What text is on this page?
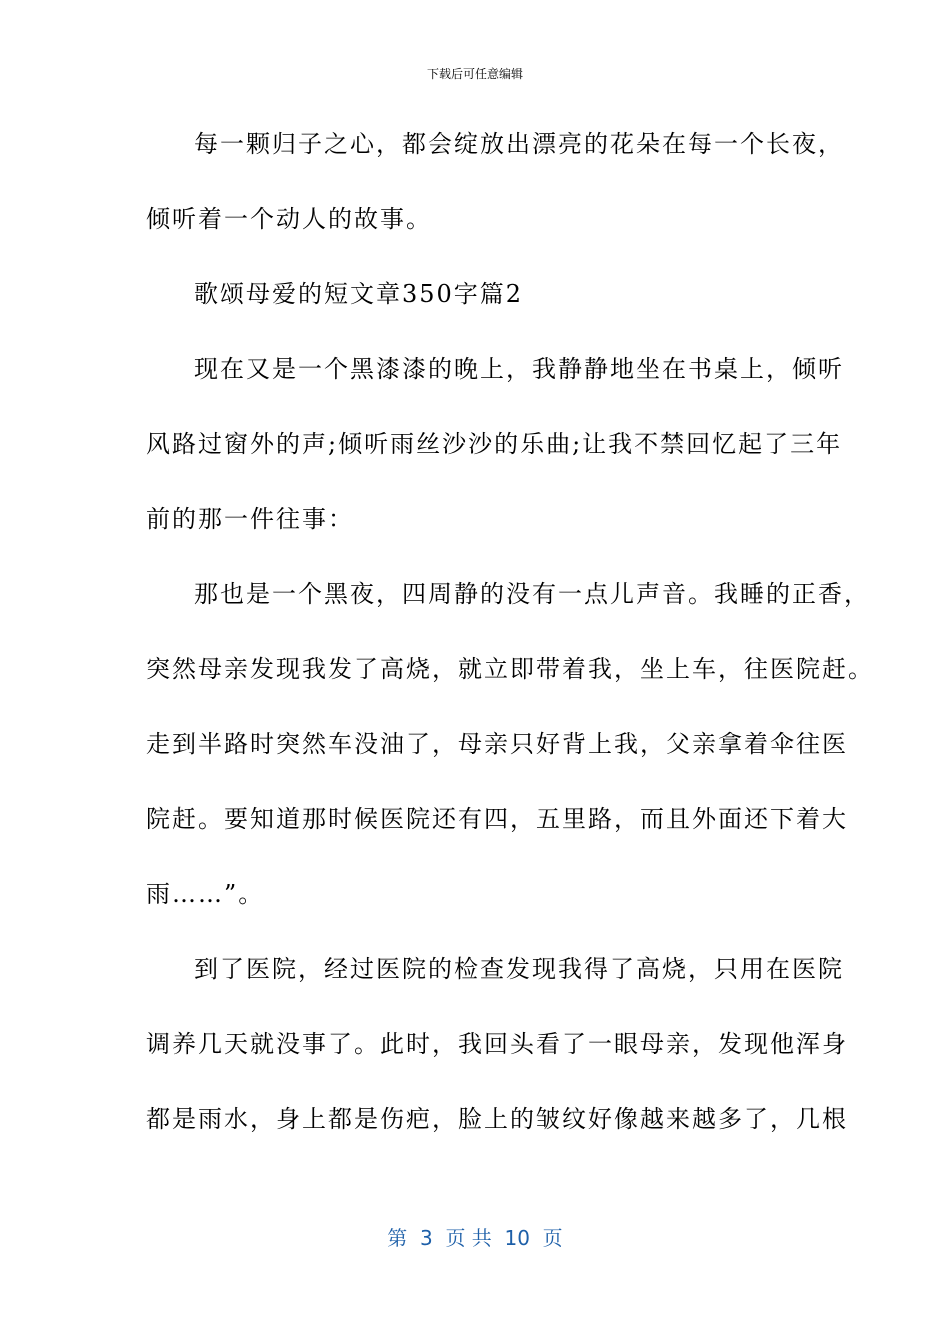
下载后可任意编辑
每一颗归子之心，都会绽放出漂亮的花朵在每一个长夜，
倾听着一个动人的故事。
歌颂母爱的短文章350字篇2
现在又是一个黑漆漆的晚上，我静静地坐在书桌上，倾听
风路过窗外的声;倾听雨丝沙沙的乐曲;让我不禁回忆起了三年
前的那一件往事：
那也是一个黑夜，四周静的没有一点儿声音。我睡的正香，
突然母亲发现我发了高烧，就立即带着我，坐上车，往医院赶。
走到半路时突然车没油了，母亲只好背上我，父亲拿着伞往医
院赶。要知道那时候医院还有四，五里路，而且外面还下着大
雨……”。
到了医院，经过医院的检查发现我得了高烧，只用在医院
调养几天就没事了。此时，我回头看了一眼母亲，发现他浑身
都是雨水，身上都是伤疤，脸上的皱纹好像越来越多了，几根
第  3  页 共  10  页
